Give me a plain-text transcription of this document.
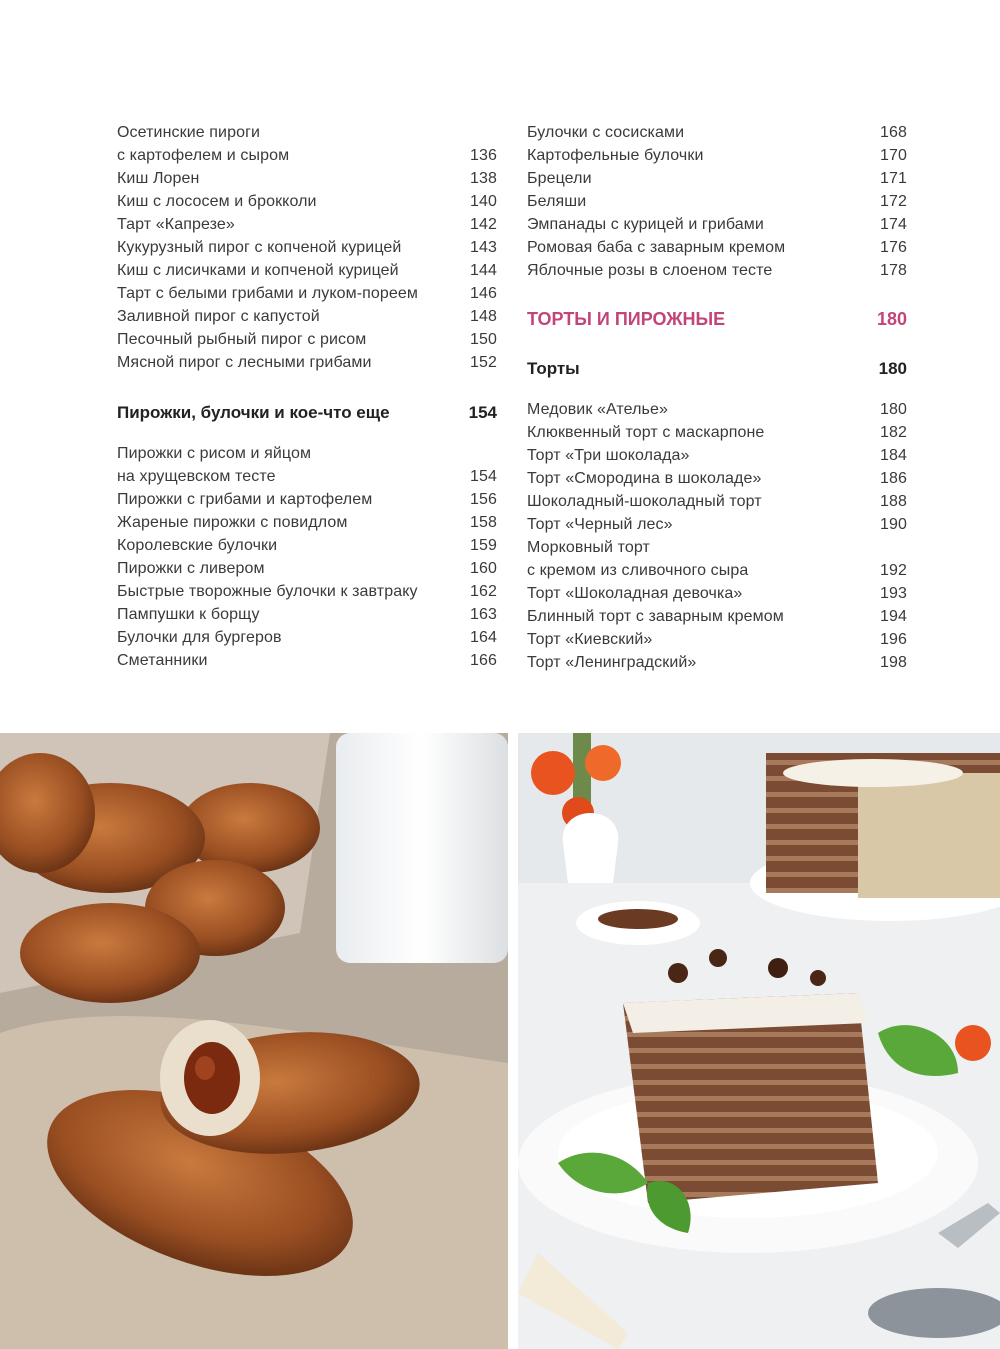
Осетинские пироги
с картофелем и сыром	136
Киш Лорен	138
Киш с лососем и брокколи	140
Тарт «Капрезе»	142
Кукурузный пирог с копченой курицей	143
Киш с лисичками и копченой курицей	144
Тарт с белыми грибами и луком-пореем	146
Заливной пирог с капустой	148
Песочный рыбный пирог с рисом	150
Мясной пирог с лесными грибами	152
Пирожки, булочки и кое-что еще	154
Пирожки с рисом и яйцом
на хрущевском тесте	154
Пирожки с грибами и картофелем	156
Жареные пирожки с повидлом	158
Королевские булочки	159
Пирожки с ливером	160
Быстрые творожные булочки к завтраку	162
Пампушки к борщу	163
Булочки для бургеров	164
Сметанники	166
Булочки с сосисками	168
Картофельные булочки	170
Брецели	171
Беляши	172
Эмпанады с курицей и грибами	174
Ромовая баба с заварным кремом	176
Яблочные розы в слоеном тесте	178
ТОРТЫ И ПИРОЖНЫЕ	180
Торты	180
Медовик «Ателье»	180
Клюквенный торт с маскарпоне	182
Торт «Три шоколада»	184
Торт «Смородина в шоколаде»	186
Шоколадный-шоколадный торт	188
Торт «Черный лес»	190
Морковный торт
с кремом из сливочного сыра	192
Торт «Шоколадная девочка»	193
Блинный торт с заварным кремом	194
Торт «Киевский»	196
Торт «Ленинградский»	198
